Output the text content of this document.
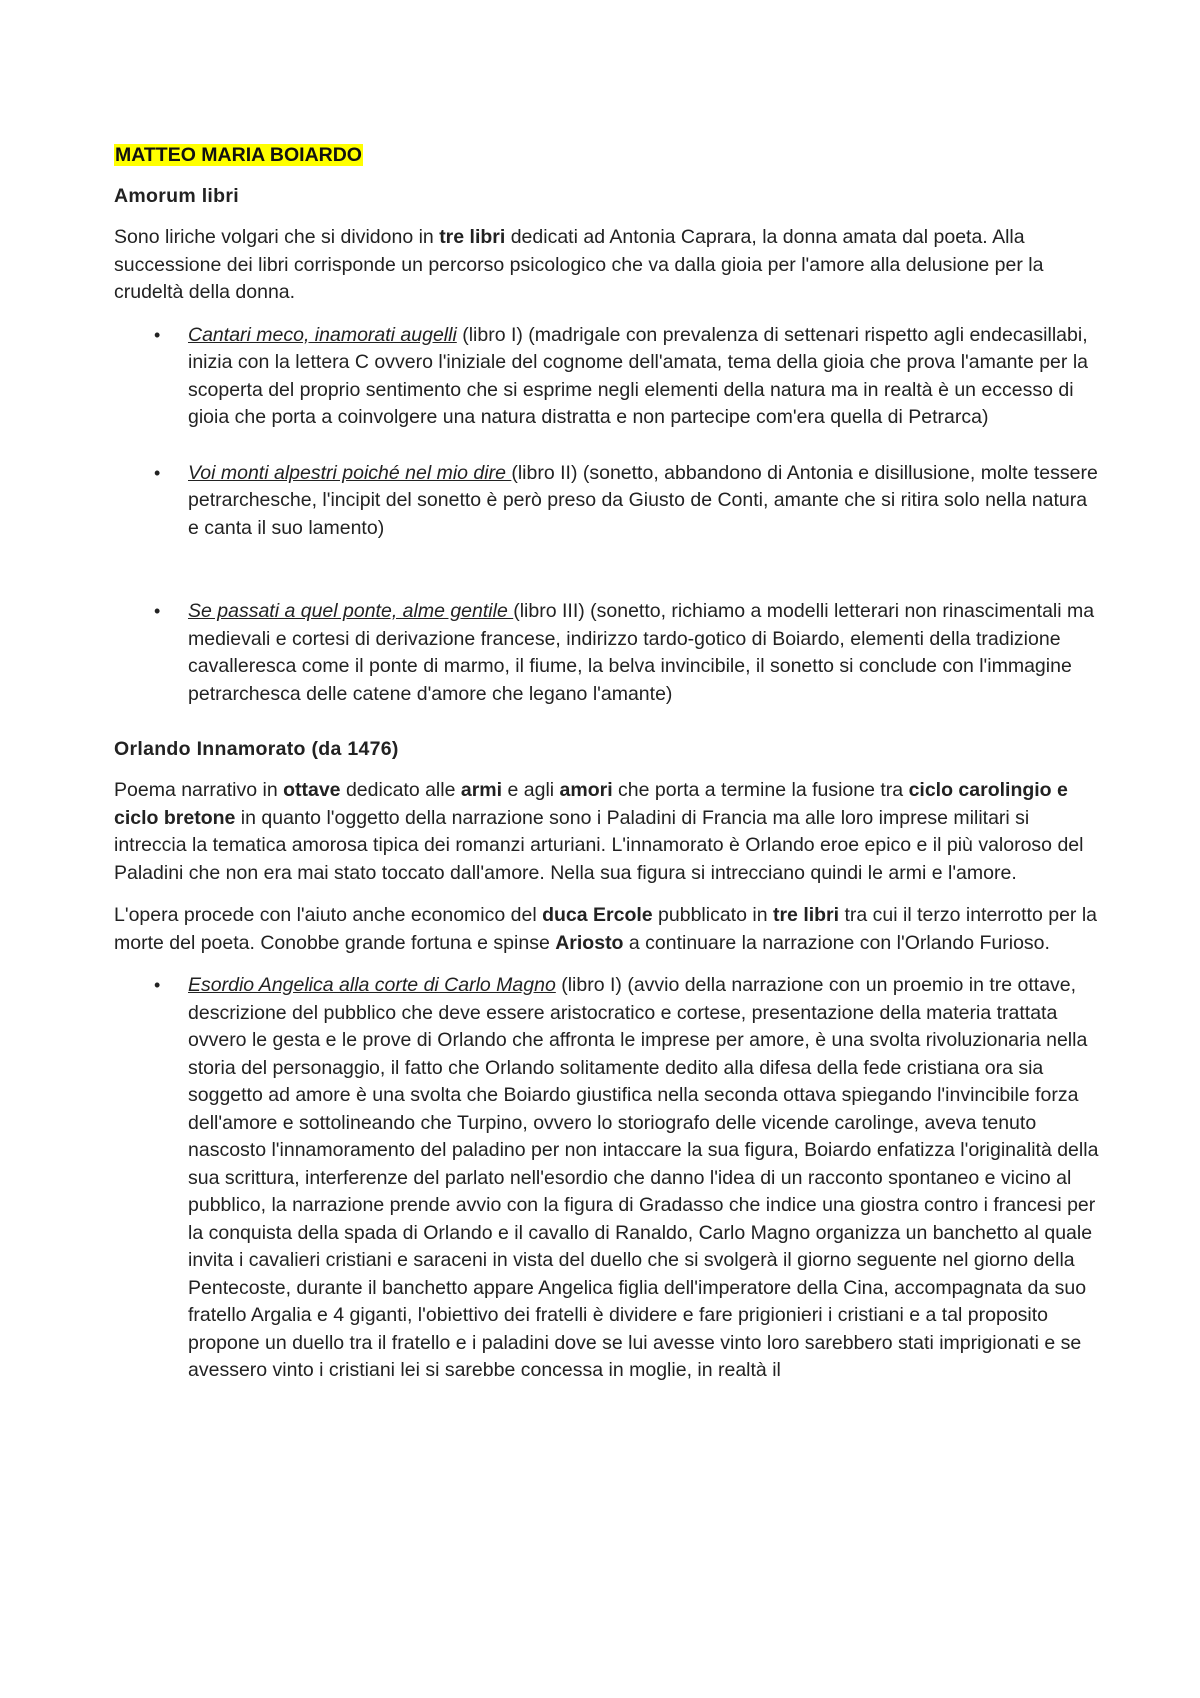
MATTEO MARIA BOIARDO
Amorum libri

Sono liriche volgari che si dividono in tre libri dedicati ad Antonia Caprara, la donna amata dal poeta. Alla successione dei libri corrisponde un percorso psicologico che va dalla gioia per l'amore alla delusione per la crudeltà della donna.

• Cantari meco, inamorati augelli (libro I) (madrigale con prevalenza di settenari rispetto agli endecasillabi, inizia con la lettera C ovvero l'iniziale del cognome dell'amata, tema della gioia che prova l'amante per la scoperta del proprio sentimento che si esprime negli elementi della natura ma in realtà è un eccesso di gioia che porta a coinvolgere una natura distratta e non partecipe com'era quella di Petrarca)
• Voi monti alpestri poiché nel mio dire (libro II) (sonetto, abbandono di Antonia e disillusione, molte tessere petrarchesche, l'incipit del sonetto è però preso da Giusto de Conti, amante che si ritira solo nella natura e canta il suo lamento)
• Se passati a quel ponte, alme gentile (libro III) (sonetto, richiamo a modelli letterari non rinascimentali ma medievali e cortesi di derivazione francese, indirizzo tardo-gotico di Boiardo, elementi della tradizione cavalleresca come il ponte di marmo, il fiume, la belva invincibile, il sonetto si conclude con l'immagine petrarchesca delle catene d'amore che legano l'amante)
Orlando Innamorato (da 1476)

Poema narrativo in ottave dedicato alle armi e agli amori che porta a termine la fusione tra ciclo carolingio e ciclo bretone in quanto l'oggetto della narrazione sono i Paladini di Francia ma alle loro imprese militari si intreccia la tematica amorosa tipica dei romanzi arturiani. L'innamorato è Orlando eroe epico e il più valoroso del Paladini che non era mai stato toccato dall'amore. Nella sua figura si intrecciano quindi le armi e l'amore.

L'opera procede con l'aiuto anche economico del duca Ercole pubblicato in tre libri tra cui il terzo interrotto per la morte del poeta. Conobbe grande fortuna e spinse Ariosto a continuare la narrazione con l'Orlando Furioso.

• Esordio Angelica alla corte di Carlo Magno (libro I) (avvio della narrazione con un proemio in tre ottave, descrizione del pubblico che deve essere aristocratico e cortese, presentazione della materia trattata ovvero le gesta e le prove di Orlando che affronta le imprese per amore, è una svolta rivoluzionaria nella storia del personaggio, il fatto che Orlando solitamente dedito alla difesa della fede cristiana ora sia soggetto ad amore è una svolta che Boiardo giustifica nella seconda ottava spiegando l'invincibile forza dell'amore e sottolineando che Turpino, ovvero lo storiografo delle vicende carolinge, aveva tenuto nascosto l'innamoramento del paladino per non intaccare la sua figura, Boiardo enfatizza l'originalità della sua scrittura, interferenze del parlato nell'esordio che danno l'idea di un racconto spontaneo e vicino al pubblico, la narrazione prende avvio con la figura di Gradasso che indice una giostra contro i francesi per la conquista della spada di Orlando e il cavallo di Ranaldo, Carlo Magno organizza un banchetto al quale invita i cavalieri cristiani e saraceni in vista del duello che si svolgerà il giorno seguente nel giorno della Pentecoste, durante il banchetto appare Angelica figlia dell'imperatore della Cina, accompagnata da suo fratello Argalia e 4 giganti, l'obiettivo dei fratelli è dividere e fare prigionieri i cristiani e a tal proposito propone un duello tra il fratello e i paladini dove se lui avesse vinto loro sarebbero stati imprigionati e se avessero vinto i cristiani lei si sarebbe concessa in moglie, in realtà il
